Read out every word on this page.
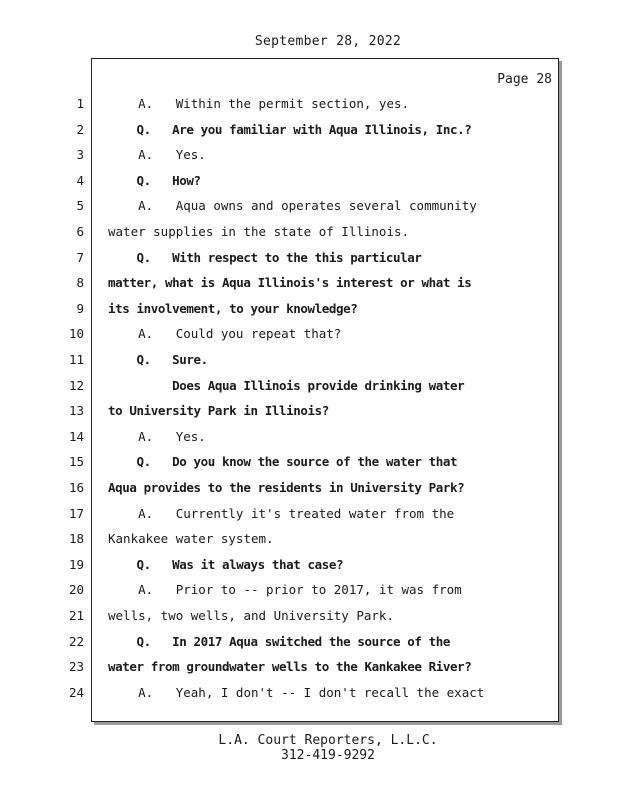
September 28, 2022
Page 28
1 A.   Within the permit section, yes.
2 Q.   Are you familiar with Aqua Illinois, Inc.?
3 A.   Yes.
4 Q.   How?
5 A.   Aqua owns and operates several community
6 water supplies in the state of Illinois.
7 Q.   With respect to the this particular
8 matter, what is Aqua Illinois's interest or what is
9 its involvement, to your knowledge?
10 A.   Could you repeat that?
11 Q.   Sure.
12 Does Aqua Illinois provide drinking water
13 to University Park in Illinois?
14 A.   Yes.
15 Q.   Do you know the source of the water that
16 Aqua provides to the residents in University Park?
17 A.   Currently it's treated water from the
18 Kankakee water system.
19 Q.   Was it always that case?
20 A.   Prior to -- prior to 2017, it was from
21 wells, two wells, and University Park.
22 Q.   In 2017 Aqua switched the source of the
23 water from groundwater wells to the Kankakee River?
24 A.   Yeah, I don't -- I don't recall the exact
L.A. Court Reporters, L.L.C.
312-419-9292
